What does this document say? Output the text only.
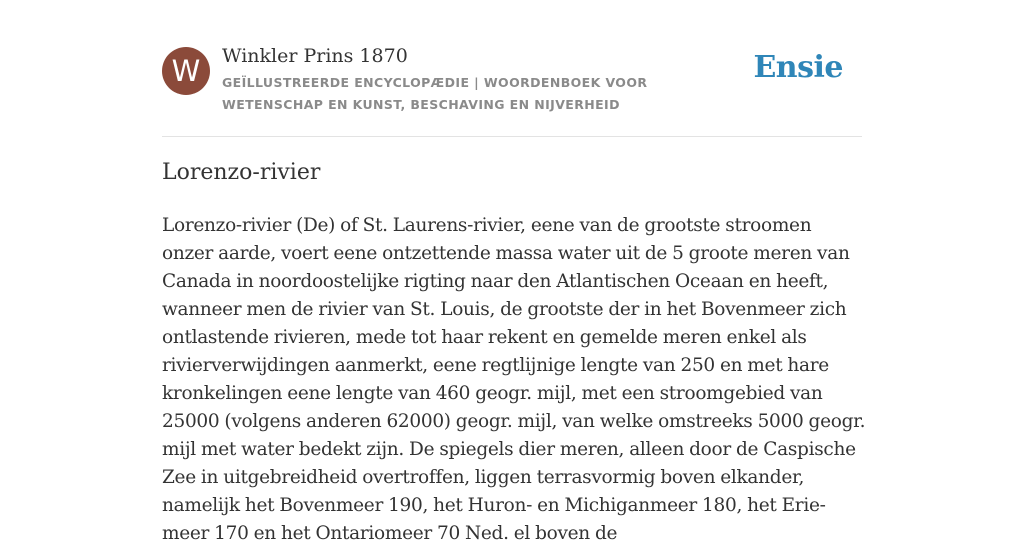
W	Winkler Prins 1870
GEÏLLUSTREERDE ENCYCLOPÆDIE | WOORDENBOEK VOOR WETENSCHAP EN KUNST, BESCHAVING EN NIJVERHEID
Ensie
Lorenzo-rivier

Lorenzo-rivier (De) of St. Laurens-rivier, eene van de grootste stroomen onzer aarde, voert eene ontzettende massa water uit de 5 groote meren van Canada in noordoostelijke rigting naar den Atlantischen Oceaan en heeft, wanneer men de rivier van St. Louis, de grootste der in het Bovenmeer zich ontlastende rivieren, mede tot haar rekent en gemelde meren enkel als rivierverwijdingen aanmerkt, eene regtlijnige lengte van 250 en met hare kronkelingen eene lengte van 460 geogr. mijl, met een stroomgebied van 25000 (volgens anderen 62000) geogr. mijl, van welke omstreeks 5000 geogr. mijl met water bedekt zijn. De spiegels dier meren, alleen door de Caspische Zee in uitgebreidheid overtroffen, liggen terrasvormig boven elkander, namelijk het Bovenmeer 190, het Huron- en Michiganmeer 180, het Erie-meer 170 en het Ontariomeer 70 Ned. el boven de
